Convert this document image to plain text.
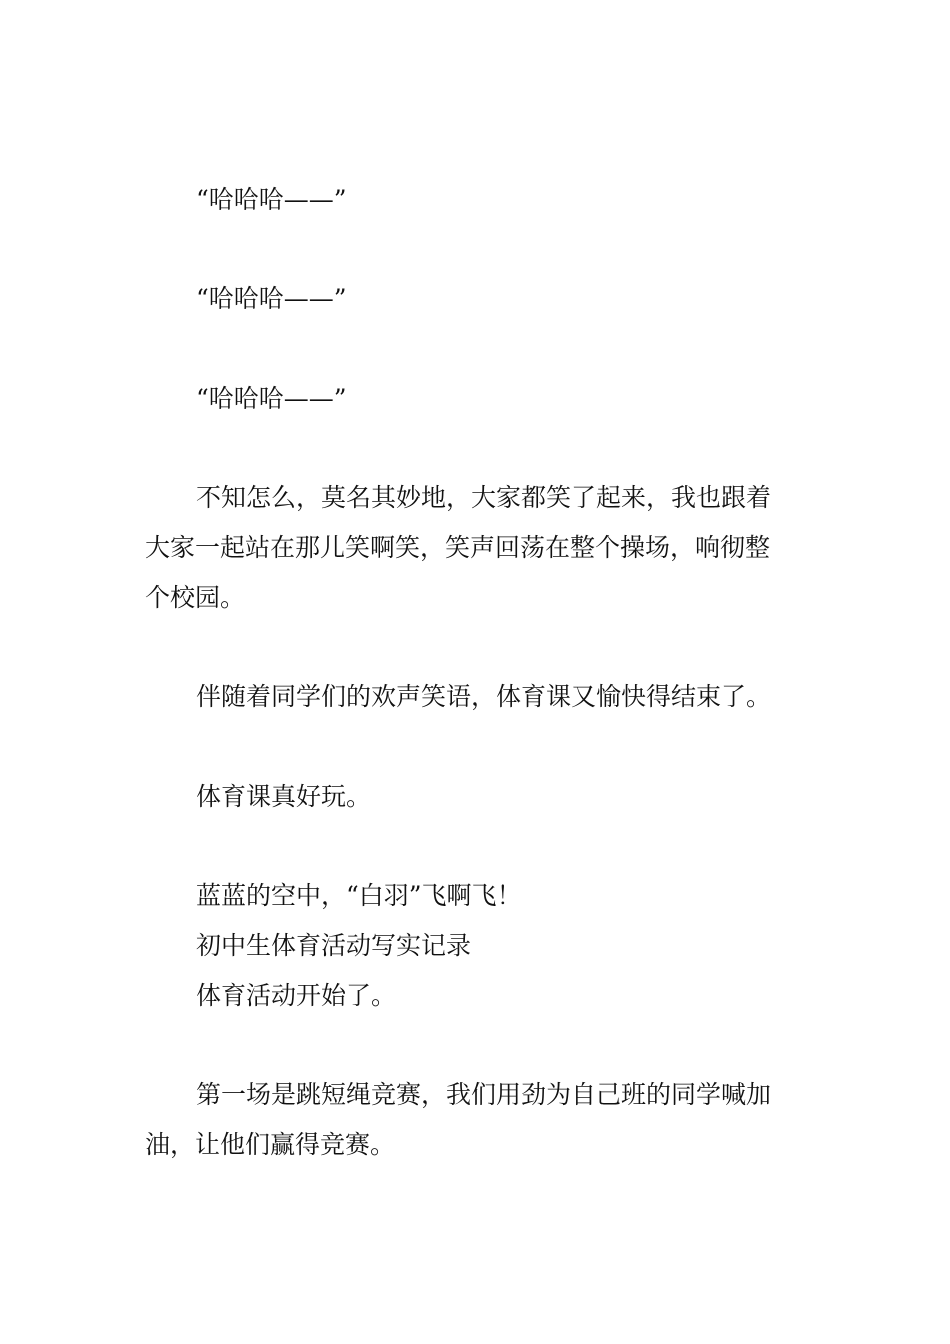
“哈哈哈——”
“哈哈哈——”
“哈哈哈——”
不知怎么，莫名其妙地，大家都笑了起来，我也跟着
大家一起站在那儿笑啊笑，笑声回荡在整个操场，响彻整
个校园。
伴随着同学们的欢声笑语，体育课又愉快得结束了。
体育课真好玩。
蓝蓝的空中，“白羽”飞啊飞！
初中生体育活动写实记录
体育活动开始了。
第一场是跳短绳竞赛，我们用劲为自己班的同学喊加
油，让他们赢得竞赛。
